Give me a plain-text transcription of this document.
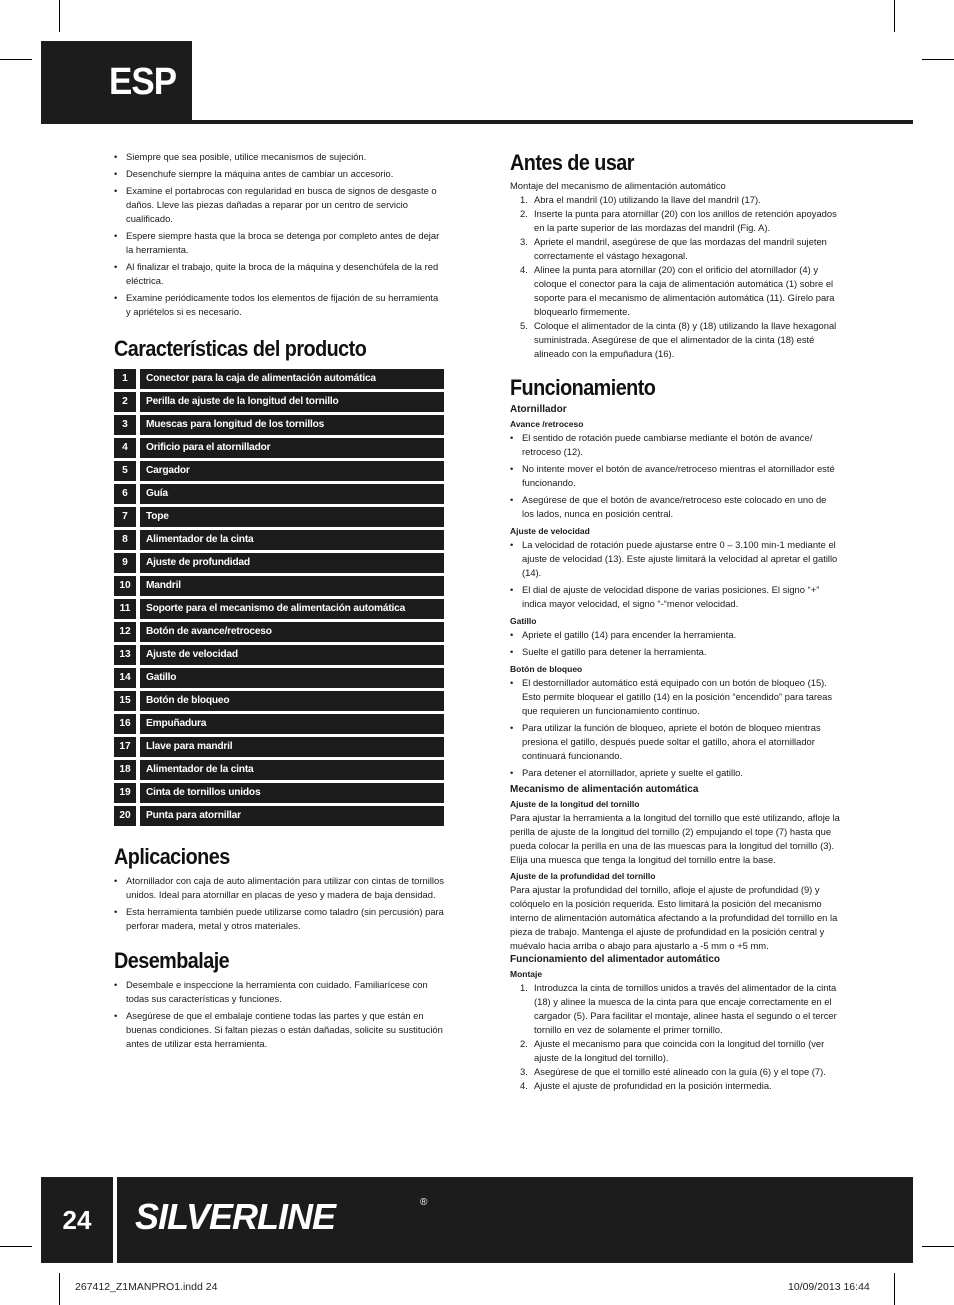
ESP
• Siempre que sea posible, utilice mecanismos de sujeción.
• Desenchufe siempre la máquina antes de cambiar un accesorio.
• Examine el portabrocas con regularidad en busca de signos de desgaste o daños. Lleve las piezas dañadas a reparar por un centro de servicio cualificado.
• Espere siempre hasta que la broca se detenga por completo antes de dejar la herramienta.
• Al finalizar el trabajo, quite la broca de la máquina y desenchúfela de la red eléctrica.
• Examine periódicamente todos los elementos de fijación de su herramienta y apriételos si es necesario.
Características del producto
1		Conector para la caja de alimentación automática
2		Perilla de ajuste de la longitud del tornillo
3		Muescas para longitud de los tornillos
4		Orificio para el atornillador
5		Cargador
6		Guía
7		Tope
8		Alimentador de la cinta
9		Ajuste de profundidad
10		Mandril
11		Soporte para el mecanismo de alimentación automática
12		Botón de avance/retroceso
13		Ajuste de velocidad
14		Gatillo
15		Botón de bloqueo
16		Empuñadura
17		Llave para mandril
18		Alimentador de la cinta
19		Cinta de tornillos unidos
20		Punta para atornillar
Aplicaciones
• Atornillador con caja de auto alimentación para utilizar con cintas de tornillos unidos. Ideal para atornillar en placas de yeso y madera de baja densidad.
• Esta herramienta también puede utilizarse como taladro (sin percusión) para perforar madera, metal y otros materiales.
Desembalaje
• Desembale e inspeccione la herramienta con cuidado. Familiarícese con todas sus características y funciones.
• Asegúrese de que el embalaje contiene todas las partes y que están en buenas condiciones. Si faltan piezas o están dañadas, solicite su sustitución antes de utilizar esta herramienta.
Antes de usar

Montaje del mecanismo de alimentación automático

1. Abra el mandril (10) utilizando la llave del mandril (17).
2. Inserte la punta para atornillar (20) con los anillos de retención apoyados en la parte superior de las mordazas del mandril (Fig. A).
3. Apriete el mandril, asegúrese de que las mordazas del mandril sujeten correctamente el vástago hexagonal.
4. Alinee la punta para atornillar (20) con el orificio del atornillador (4) y coloque el conector para la caja de alimentación automática (1) sobre el soporte para el mecanismo de alimentación automática (11). Gírelo para bloquearlo firmemente.
5. Coloque el alimentador de la cinta (8) y (18) utilizando la llave hexagonal suministrada. Asegúrese de que el alimentador de la cinta (18) esté alineado con la empuñadura (16).
Funcionamiento
Atornillador
Avance /retroceso
• El sentido de rotación puede cambiarse mediante el botón de avance/ retroceso (12).
• No intente mover el botón de avance/retroceso mientras el atornillador esté funcionando.
• Asegúrese de que el botón de avance/retroceso este colocado en uno de los lados, nunca en posición central.
Ajuste de velocidad
• La velocidad de rotación puede ajustarse entre 0 – 3.100 min-1 mediante el ajuste de velocidad (13). Este ajuste limitará la velocidad al apretar el gatillo (14).
• El dial de ajuste de velocidad dispone de varias posiciones. El signo “+” indica mayor velocidad, el signo “-“menor velocidad.
Gatillo
• Apriete el gatillo (14) para encender la herramienta.
• Suelte el gatillo para detener la herramienta.
Botón de bloqueo
• El destornillador automático está equipado con un botón de bloqueo (15). Esto permite bloquear el gatillo (14) en la posición “encendido” para tareas que requieren un funcionamiento continuo.
• Para utilizar la función de bloqueo, apriete el botón de bloqueo mientras presiona el gatillo, después puede soltar el gatillo, ahora el atornillador continuará funcionando.
• Para detener el atornillador, apriete y suelte el gatillo.
Mecanismo de alimentación automática
Ajuste de la longitud del tornillo

Para ajustar la herramienta a la longitud del tornillo que esté utilizando, afloje la perilla de ajuste de la longitud del tornillo (2) empujando el tope (7) hasta que pueda colocar la perilla en una de las muescas para la longitud del tornillo (3). Elija una muesca que tenga la longitud del tornillo entre la base.

Ajuste de la profundidad del tornillo

Para ajustar la profundidad del tornillo, afloje el ajuste de profundidad (9) y colóquelo en la posición requerida. Esto limitará la posición del mecanismo interno de alimentación automática afectando a la profundidad del tornillo en la pieza de trabajo. Mantenga el ajuste de profundidad en la posición central y muévalo hacia arriba o abajo para ajustarlo a -5 mm o +5 mm.

Funcionamiento del alimentador automático
Montaje
1. Introduzca la cinta de tornillos unidos a través del alimentador de la cinta (18) y alinee la muesca de la cinta para que encaje correctamente en el cargador (5). Para facilitar el montaje, alinee hasta el segundo o el tercer tornillo en vez de solamente el primer tornillo.
2. Ajuste el mecanismo para que coincida con la longitud del tornillo (ver ajuste de la longitud del tornillo).
3. Asegúrese de que el tornillo esté alineado con la guía (6) y el tope (7).
4. Ajuste el ajuste de profundidad en la posición intermedia.
24	SILVERLINE	®
267412_Z1MANPRO1.indd 24	10/09/2013 16:44
